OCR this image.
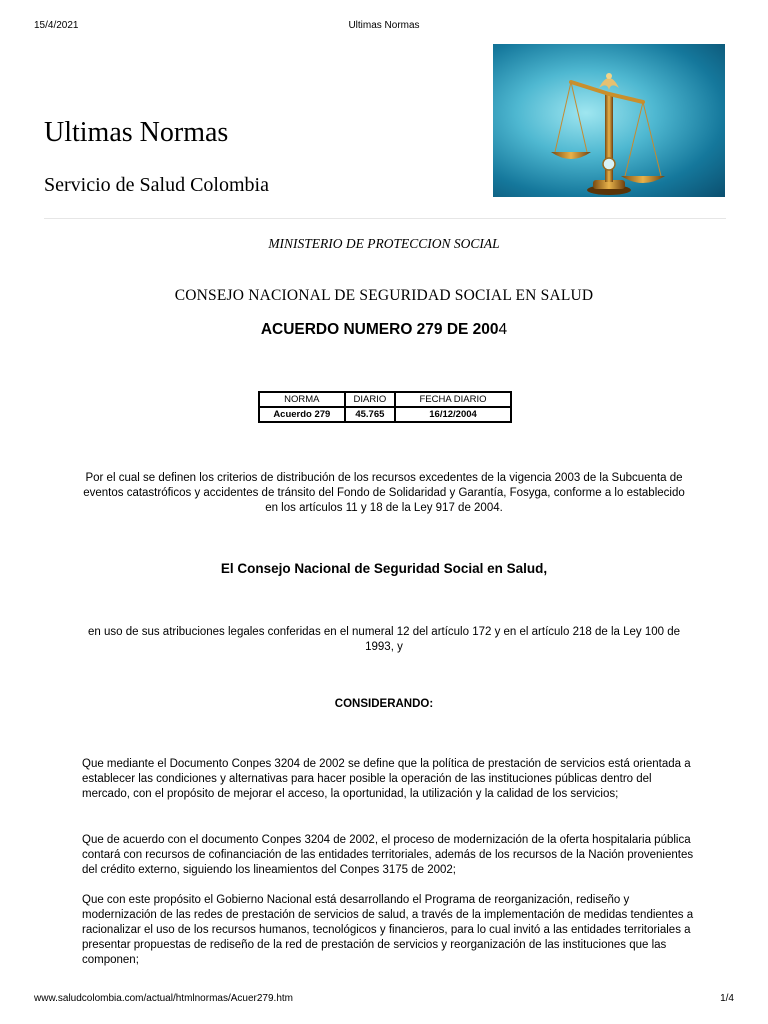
15/4/2021	Ultimas Normas
Ultimas Normas
Servicio de Salud Colombia
MINISTERIO DE PROTECCION SOCIAL
CONSEJO NACIONAL DE SEGURIDAD SOCIAL EN SALUD
ACUERDO NUMERO 279 DE 2004
NORMA	DIARIO	FECHA DIARIO
Acuerdo 279	45.765	16/12/2004
Por el cual se definen los criterios de distribución de los recursos excedentes de la vigencia 2003 de la Subcuenta de eventos catastróficos y accidentes de tránsito del Fondo de Solidaridad y Garantía, Fosyga, conforme a lo establecido en los artículos 11 y 18 de la Ley 917 de 2004.
El Consejo Nacional de Seguridad Social en Salud,
en uso de sus atribuciones legales conferidas en el numeral 12 del artículo 172 y en el artículo 218 de la Ley 100 de 1993, y
CONSIDERANDO:

Que mediante el Documento Conpes 3204 de 2002 se define que la política de prestación de servicios está orientada a establecer las condiciones y alternativas para hacer posible la operación de las instituciones públicas dentro del mercado, con el propósito de mejorar el acceso, la oportunidad, la utilización y la calidad de los servicios;

Que de acuerdo con el documento Conpes 3204 de 2002, el proceso de modernización de la oferta hospitalaria pública contará con recursos de cofinanciación de las entidades territoriales, además de los recursos de la Nación provenientes del crédito externo, siguiendo los lineamientos del Conpes 3175 de 2002;

Que con este propósito el Gobierno Nacional está desarrollando el Programa de reorganización, rediseño y modernización de las redes de prestación de servicios de salud, a través de la implementación de medidas tendientes a racionalizar el uso de los recursos humanos, tecnológicos y financieros, para lo cual invitó a las entidades territoriales a presentar propuestas de rediseño de la red de prestación de servicios y reorganización de las instituciones que las componen;

www.saludcolombia.com/actual/htmlnormas/Acuer279.htm	1/4
